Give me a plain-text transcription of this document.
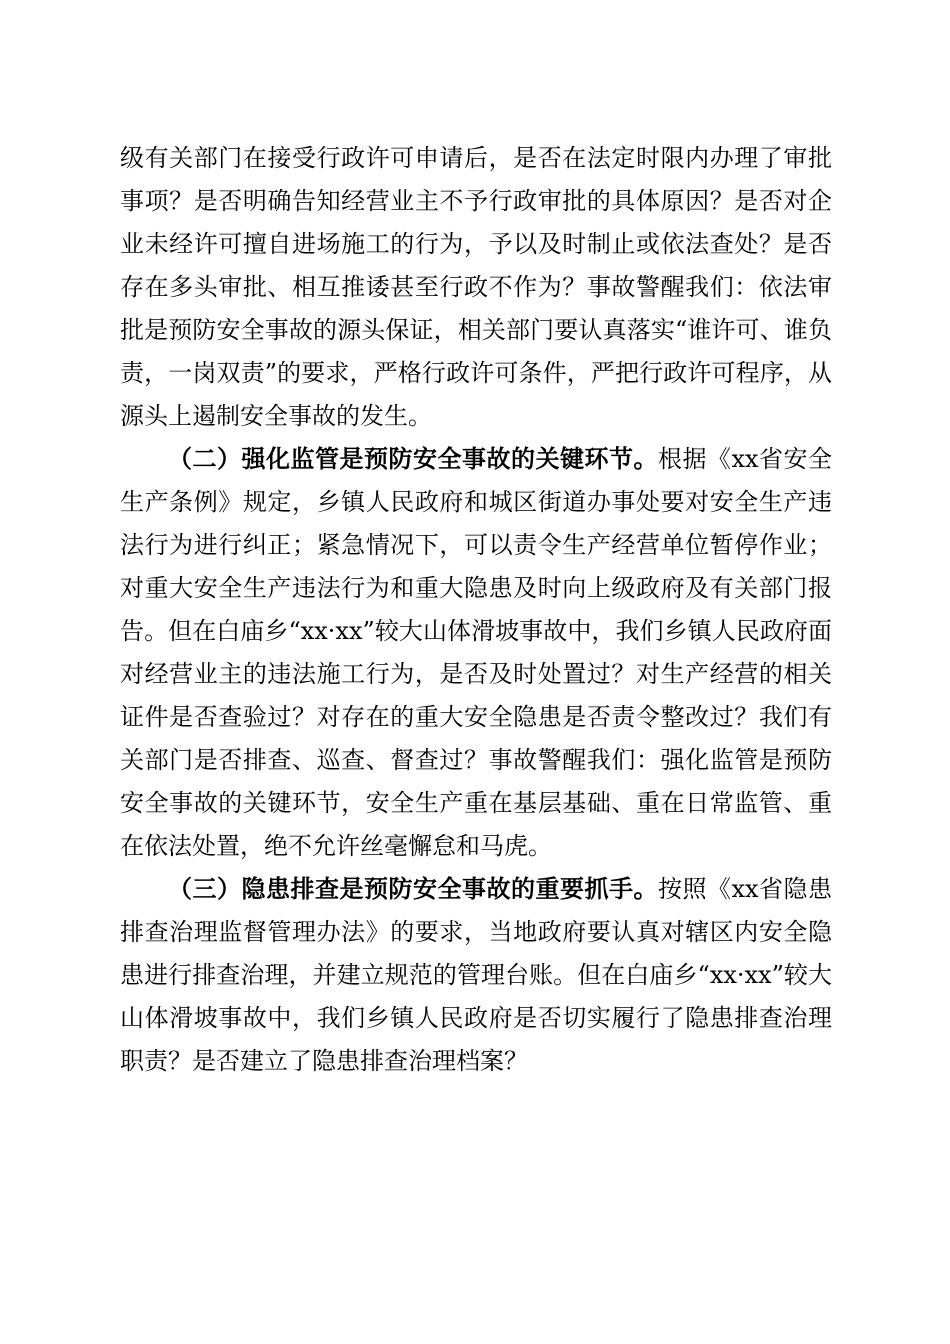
级有关部门在接受行政许可申请后，是否在法定时限内办理了审批事项？是否明确告知经营业主不予行政审批的具体原因？是否对企业未经许可擅自进场施工的行为，予以及时制止或依法查处？是否存在多头审批、相互推诿甚至行政不作为？事故警醒我们：依法审批是预防安全事故的源头保证，相关部门要认真落实“谁许可、谁负责，一岗双责”的要求，严格行政许可条件，严把行政许可程序，从源头上遏制安全事故的发生。

（二）强化监管是预防安全事故的关键环节。根据《xx省安全生产条例》规定，乡镇人民政府和城区街道办事处要对安全生产违法行为进行纠正；紧急情况下，可以责令生产经营单位暂停作业；对重大安全生产违法行为和重大隐患及时向上级政府及有关部门报告。但在白庙乡“xx·xx”较大山体滑坡事故中，我们乡镇人民政府面对经营业主的违法施工行为，是否及时处置过？对生产经营的相关证件是否查验过？对存在的重大安全隐患是否责令整改过？我们有关部门是否排查、巡查、督查过？事故警醒我们：强化监管是预防安全事故的关键环节，安全生产重在基层基础、重在日常监管、重在依法处置，绝不允许丝毫懈怠和马虎。

（三）隐患排查是预防安全事故的重要抓手。按照《xx省隐患排查治理监督管理办法》的要求，当地政府要认真对辖区内安全隐患进行排查治理，并建立规范的管理台账。但在白庙乡“xx·xx”较大山体滑坡事故中，我们乡镇人民政府是否切实履行了隐患排查治理职责？是否建立了隐患排查治理档案？
